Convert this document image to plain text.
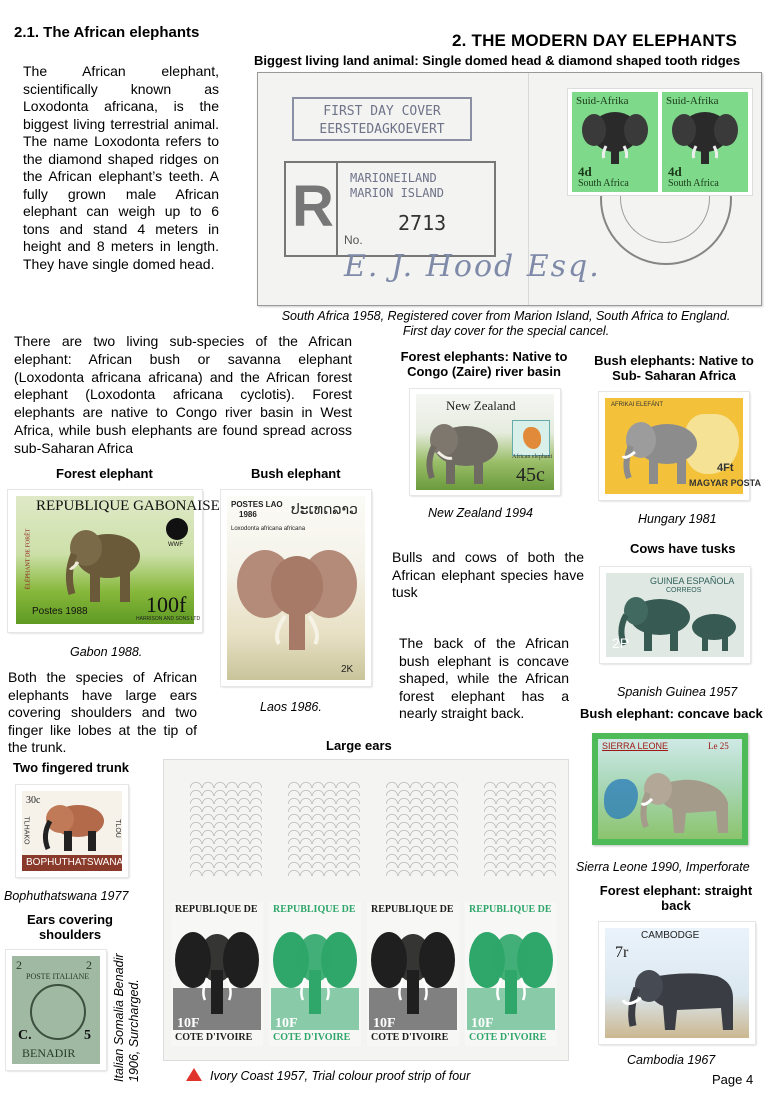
2.1. The African elephants	2. THE MODERN DAY ELEPHANTS
Biggest living land animal: Single domed head & diamond shaped tooth ridges
The African elephant, scientifically known as Loxodonta africana, is the biggest living terrestrial animal. The name Loxodonta refers to the diamond shaped ridges on the African elephant’s teeth. A fully grown male African elephant can weigh up to 6 tons and stand 4 meters in height and 8 meters in length. They have single domed head.
FIRST DAY COVER
EERSTEDAGKOEVERT
R MARIONEILAND
MARION ISLAND
2713
No.
E. J. Hood Esq.
Suid-Afrika
4d
South Africa
Suid-Afrika
4d
South Africa
South Africa 1958, Registered cover from Marion Island, South Africa to England.
First day cover for the special cancel.
There are two living sub-species of the African elephant: African bush or savanna elephant (Loxodonta africana africana) and the African forest elephant (Loxodonta africana cyclotis). Forest elephants are native to Congo river basin in West Africa, while bush elephants are found spread across sub-Saharan Africa
Forest elephants: Native to Congo (Zaire) river basin
New Zealand
African elephant
45c
New Zealand 1994
Bush elephants: Native to Sub- Saharan Africa
AFRIKAI ELEFÁNT
4Ft
MAGYAR POSTA
Hungary 1981
Forest elephant
REPUBLIQUE GABONAISE
WWF
ÉLÉPHANT DE FORÊT
Postes 1988	100f
HARRISON AND SONS LTD
Gabon 1988.
Bush elephant
POSTES LAO
1986 ປະເທດລາວ
Loxodonta africana africana
2K
Laos 1986.
Bulls and cows of both the African elephant species have tusk
The back of the African bush elephant is concave shaped, while the African forest elephant has a nearly straight back.
Both the species of African elephants have large ears covering shoulders and two finger like lobes at the tip of the trunk.
Cows have tusks
GUINEA ESPAÑOLA
CORREOS
2P
Spanish Guinea 1957
Bush elephant: concave back
SIERRA LEONE	Le 25
Sierra Leone 1990, Imperforate
Forest elephant: straight back
CAMBODGE
7r
Cambodia 1967
Two fingered trunk
30c
TLHAKO	TLOU
BOPHUTHATSWANA
Bophuthatswana 1977
Ears covering shoulders
2	2
POSTE ITALIANE
C.	5
BENADIR	Italian Somalia Benadir 1906, Surcharged.
Large ears
REPUBLIQUE DE
10F
COTE D'IVOIRE
REPUBLIQUE DE
10F
COTE D'IVOIRE
REPUBLIQUE DE
10F
COTE D'IVOIRE
REPUBLIQUE DE
10F
COTE D'IVOIRE
Ivory Coast 1957, Trial colour proof strip of four	Page 4
